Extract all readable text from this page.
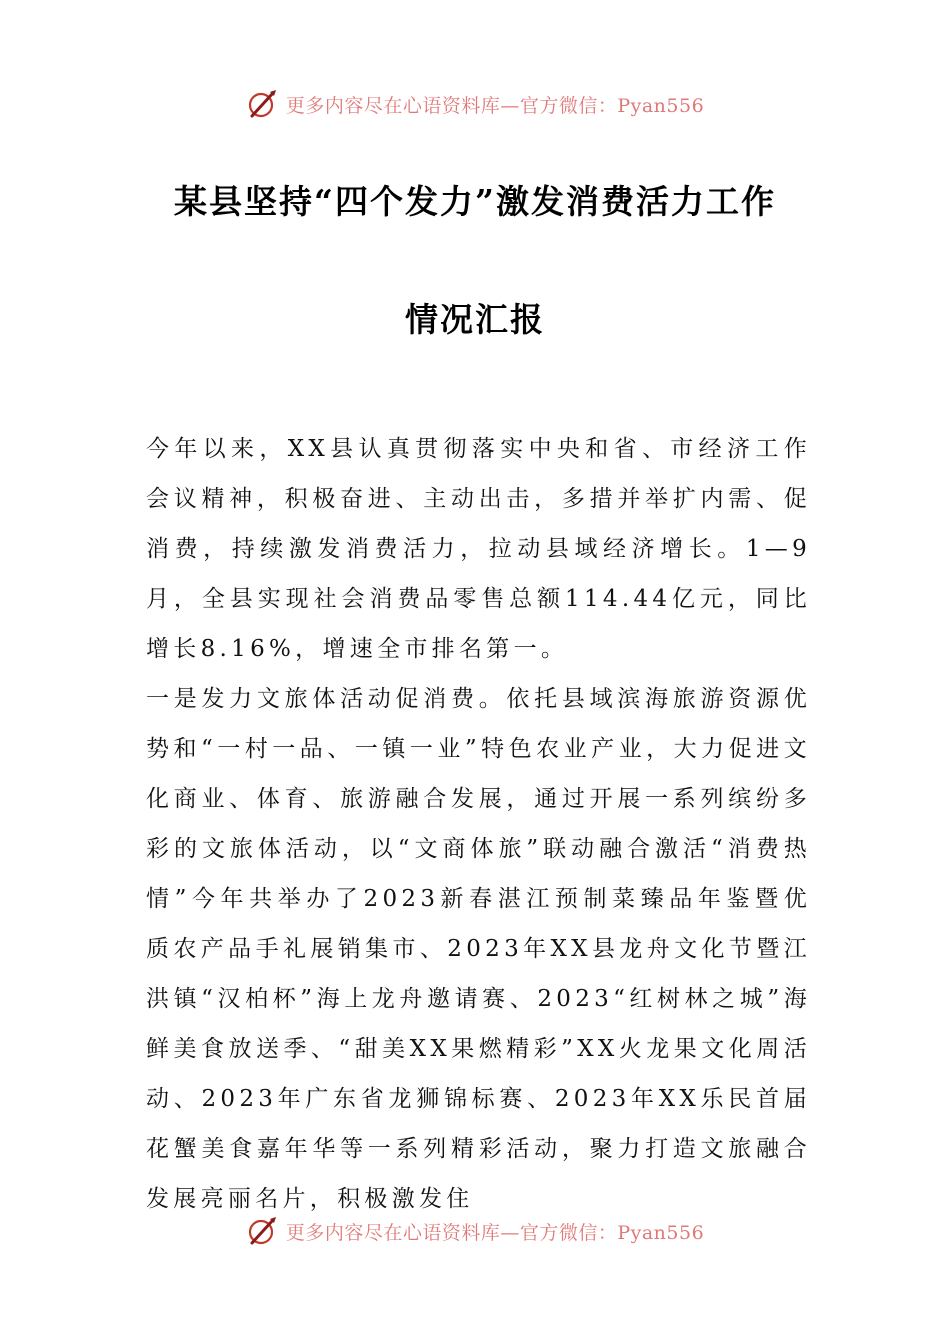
更多内容尽在心语资料库—官方微信：Pyan556
某县坚持“四个发力”激发消费活力工作
情况汇报

今年以来，XX县认真贯彻落实中央和省、市经济工作会议精神，积极奋进、主动出击，多措并举扩内需、促消费，持续激发消费活力，拉动县域经济增长。1—9月，全县实现社会消费品零售总额114.44亿元，同比增长8.16%，增速全市排名第一。

一是发力文旅体活动促消费。依托县域滨海旅游资源优势和“一村一品、一镇一业”特色农业产业，大力促进文化商业、体育、旅游融合发展，通过开展一系列缤纷多彩的文旅体活动，以“文商体旅”联动融合激活“消费热情”今年共举办了2023新春湛江预制菜臻品年鉴暨优质农产品手礼展销集市、2023年XX县龙舟文化节暨江洪镇“汉柏杯”海上龙舟邀请赛、2023“红树林之城”海鲜美食放送季、“甜美XX果燃精彩”XX火龙果文化周活动、2023年广东省龙狮锦标赛、2023年XX乐民首届花蟹美食嘉年华等一系列精彩活动，聚力打造文旅融合发展亮丽名片，积极激发住

更多内容尽在心语资料库—官方微信：Pyan556
